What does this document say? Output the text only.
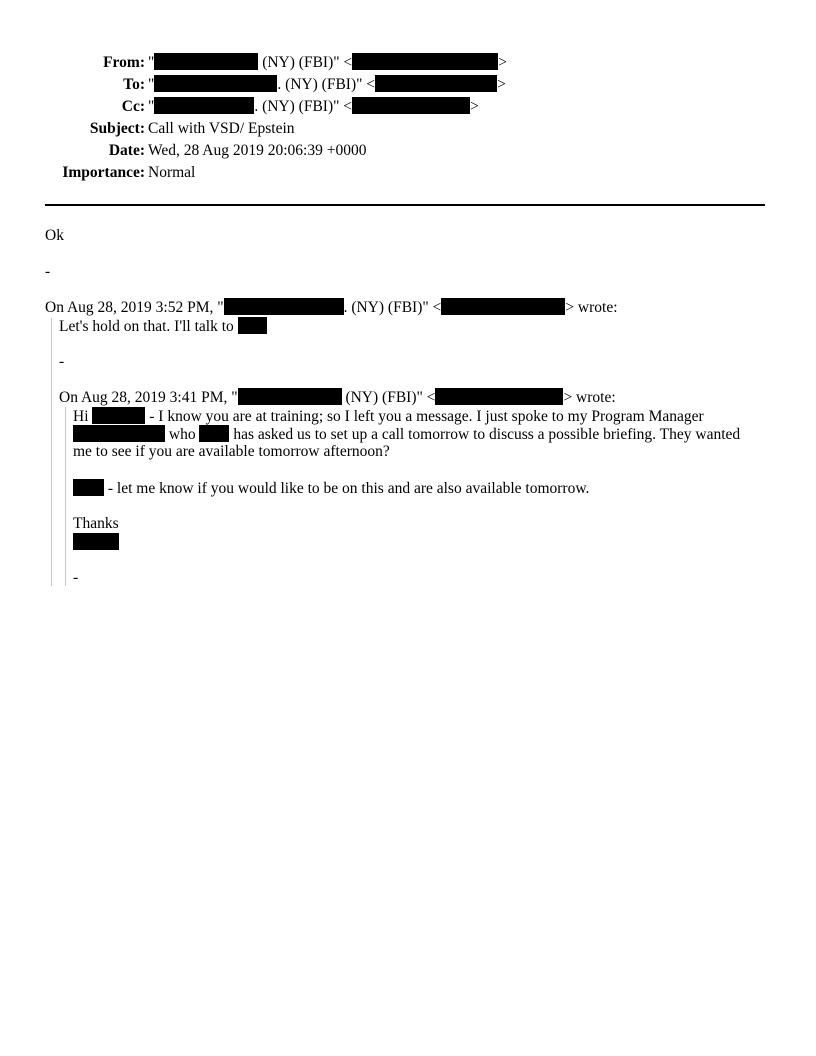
From: "	(NY) (FBI)" <	>
To: "	. (NY) (FBI)" <	>
Cc: "	. (NY) (FBI)" <	>
Subject: Call with VSD/ Epstein
Date: Wed, 28 Aug 2019 20:06:39 +0000
Importance: Normal
Ok
-
On Aug 28, 2019 3:52 PM, "	. (NY) (FBI)" <	> wrote:
Let's hold on that. I'll talk to
-
On Aug 28, 2019 3:41 PM, "	(NY) (FBI)" <	> wrote:
Hi	- I know you are at training; so I left you a message. I just spoke to my Program Manager
who  has asked us to set up a call tomorrow to discuss a possible briefing. They wanted
me to see if you are available tomorrow afternoon?
- let me know if you would like to be on this and are also available tomorrow.
Thanks
-
